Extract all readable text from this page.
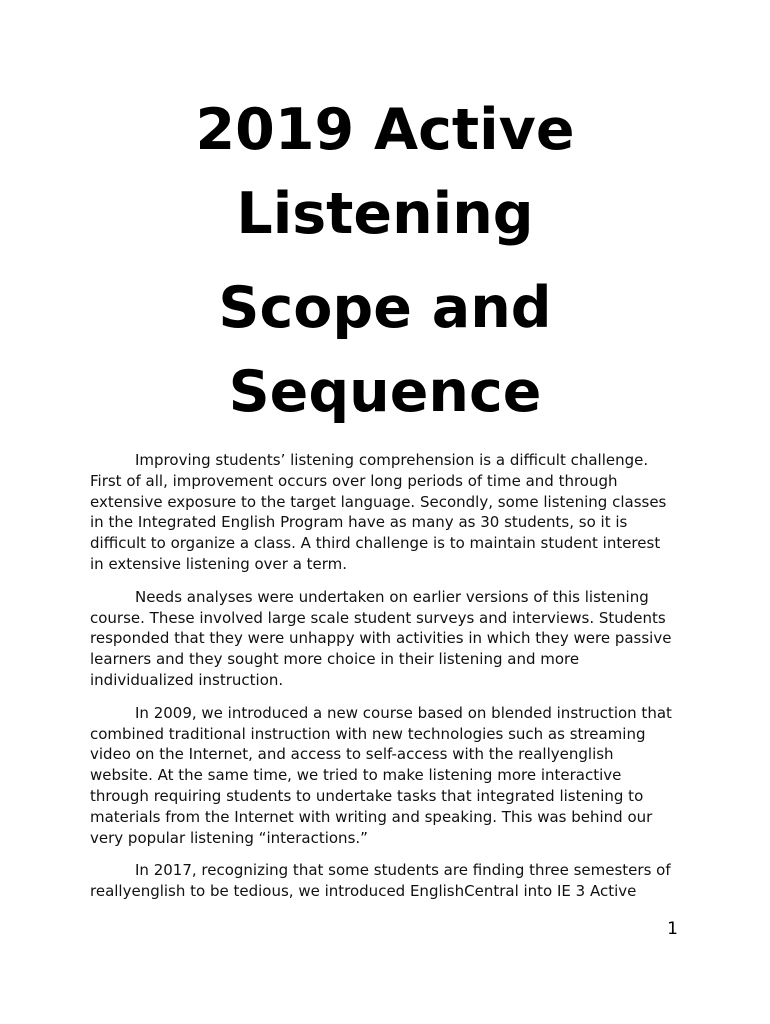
2019 Active
Listening
Scope and
Sequence

Improving students’ listening comprehension is a difficult challenge.
First of all, improvement occurs over long periods of time and through
extensive exposure to the target language. Secondly, some listening classes
in the Integrated English Program have as many as 30 students, so it is
difficult to organize a class. A third challenge is to maintain student interest
in extensive listening over a term.

Needs analyses were undertaken on earlier versions of this listening
course. These involved large scale student surveys and interviews. Students
responded that they were unhappy with activities in which they were passive
learners and they sought more choice in their listening and more
individualized instruction.

In 2009, we introduced a new course based on blended instruction that
combined traditional instruction with new technologies such as streaming
video on the Internet, and access to self-access with the reallyenglish
website. At the same time, we tried to make listening more interactive
through requiring students to undertake tasks that integrated listening to
materials from the Internet with writing and speaking. This was behind our
very popular listening “interactions.”

In 2017, recognizing that some students are finding three semesters of
reallyenglish to be tedious, we introduced EnglishCentral into IE 3 Active

1
